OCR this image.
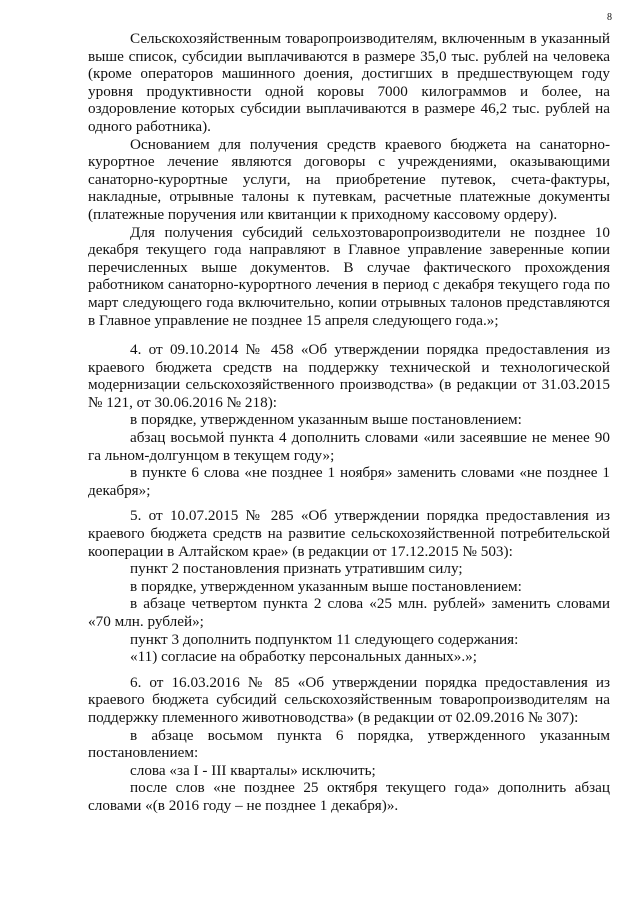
8

Сельскохозяйственным товаропроизводителям, включенным в указанный выше список, субсидии выплачиваются в размере 35,0 тыс. рублей на человека (кроме операторов машинного доения, достигших в предшествующем году уровня продуктивности одной коровы 7000 килограммов и более, на оздоровление которых субсидии выплачиваются в размере 46,2 тыс. рублей на одного работника).

Основанием для получения средств краевого бюджета на санаторно-курортное лечение являются договоры с учреждениями, оказывающими санаторно-курортные услуги, на приобретение путевок, счета-фактуры, накладные, отрывные талоны к путевкам, расчетные платежные документы (платежные поручения или квитанции к приходному кассовому ордеру).

Для получения субсидий сельхозтоваропроизводители не позднее 10 декабря текущего года направляют в Главное управление заверенные копии перечисленных выше документов. В случае фактического прохождения работником санаторно-курортного лечения в период с декабря текущего года по март следующего года включительно, копии отрывных талонов представляются в Главное управление не позднее 15 апреля следующего года.»;

4. от 09.10.2014 № 458 «Об утверждении порядка предоставления из краевого бюджета средств на поддержку технической и технологической модернизации сельскохозяйственного производства» (в редакции от 31.03.2015 № 121, от 30.06.2016 № 218):

в порядке, утвержденном указанным выше постановлением:

абзац восьмой пункта 4 дополнить словами «или засеявшие не менее 90 га льном-долгунцом в текущем году»;

в пункте 6 слова «не позднее 1 ноября» заменить словами «не позднее 1 декабря»;

5. от 10.07.2015 № 285 «Об утверждении порядка предоставления из краевого бюджета средств на развитие сельскохозяйственной потребительской кооперации в Алтайском крае» (в редакции от 17.12.2015 № 503):

пункт 2 постановления признать утратившим силу;

в порядке, утвержденном указанным выше постановлением:

в абзаце четвертом пункта 2 слова «25 млн. рублей» заменить словами «70 млн. рублей»;

пункт 3 дополнить подпунктом 11 следующего содержания:

«11) согласие на обработку персональных данных».»;

6. от 16.03.2016 № 85 «Об утверждении порядка предоставления из краевого бюджета субсидий сельскохозяйственным товаропроизводителям на поддержку племенного животноводства» (в редакции от 02.09.2016 № 307):

в абзаце восьмом пункта 6 порядка, утвержденного указанным постановлением:

слова «за I - III кварталы» исключить;

после слов «не позднее 25 октября текущего года» дополнить абзац словами «(в 2016 году – не позднее 1 декабря)».
